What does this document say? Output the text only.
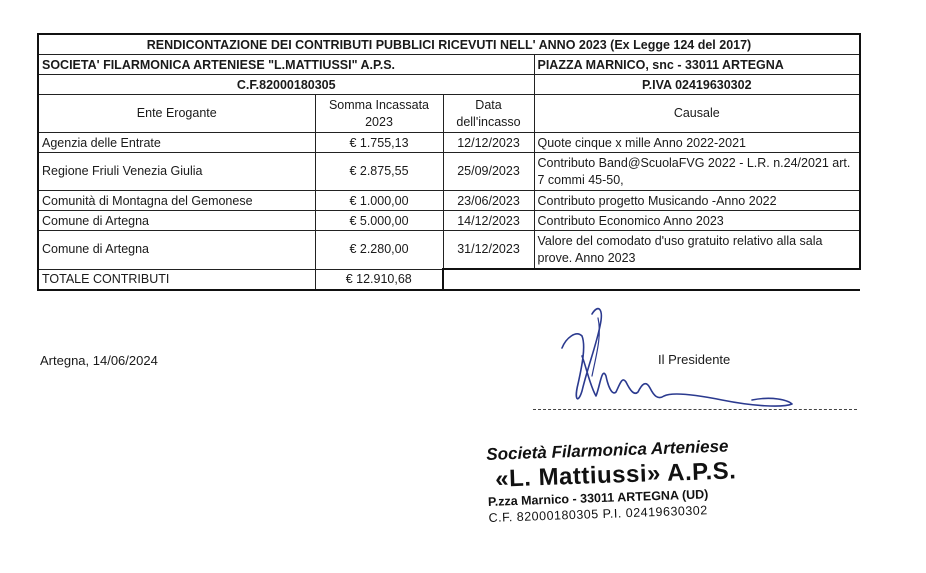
RENDICONTAZIONE DEI CONTRIBUTI PUBBLICI RICEVUTI NELL' ANNO 2023 (Ex Legge 124 del 2017)			
SOCIETA' FILARMONICA ARTENIESE "L.MATTIUSSI" A.P.S.			PIAZZA MARNICO, snc - 33011 ARTEGNA
C.F.82000180305			P.IVA 02419630302
Ente Erogante	Somma Incassata 2023	Data dell'incasso	Causale
Agenzia delle Entrate	€ 1.755,13	12/12/2023	Quote cinque x mille Anno 2022-2021
Regione Friuli Venezia Giulia	€ 2.875,55	25/09/2023	Contributo Band@ScuolaFVG 2022 - L.R. n.24/2021 art. 7 commi 45-50,
Comunità di Montagna del Gemonese	€ 1.000,00	23/06/2023	Contributo progetto Musicando -Anno 2022
Comune di Artegna	€ 5.000,00	14/12/2023	Contributo Economico Anno 2023
Comune di Artegna	€ 2.280,00	31/12/2023	Valore del comodato d'uso gratuito relativo alla sala prove. Anno 2023
TOTALE CONTRIBUTI	€ 12.910,68		
Artegna, 14/06/2024	Il Presidente
Società Filarmonica Arteniese
«L. Mattiussi» A.P.S.
P.zza Marnico - 33011 ARTEGNA (UD)
C.F. 82000180305 P.I. 02419630302
